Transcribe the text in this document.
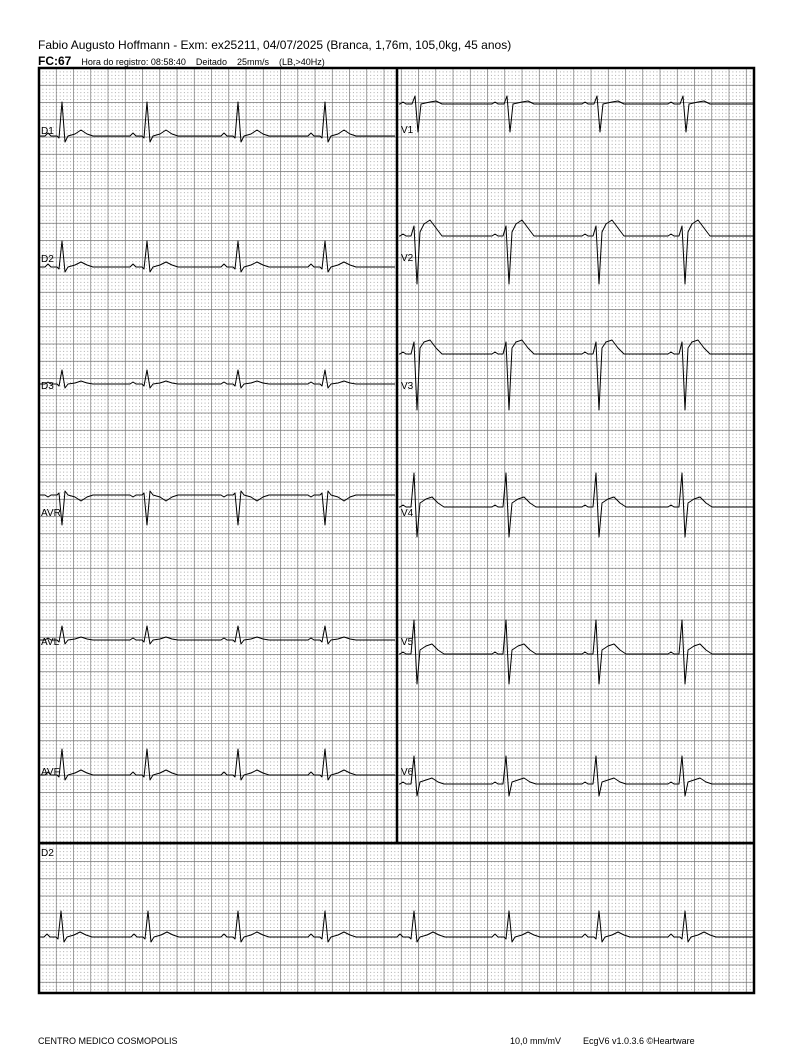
Fabio Augusto Hoffmann - Exm: ex25211, 04/07/2025 (Branca, 1,76m, 105,0kg, 45 anos)
FC:67 Hora do registro: 08:58:40 Deitado 25mm/s (LB,>40Hz)
D1
D2
D3
AVR
AVL
AVF
V1
V2
V3
V4
V5
V6
D2
CENTRO MEDICO COSMOPOLIS	10,0 mm/mV EcgV6 v1.0.3.6 ©Heartware
